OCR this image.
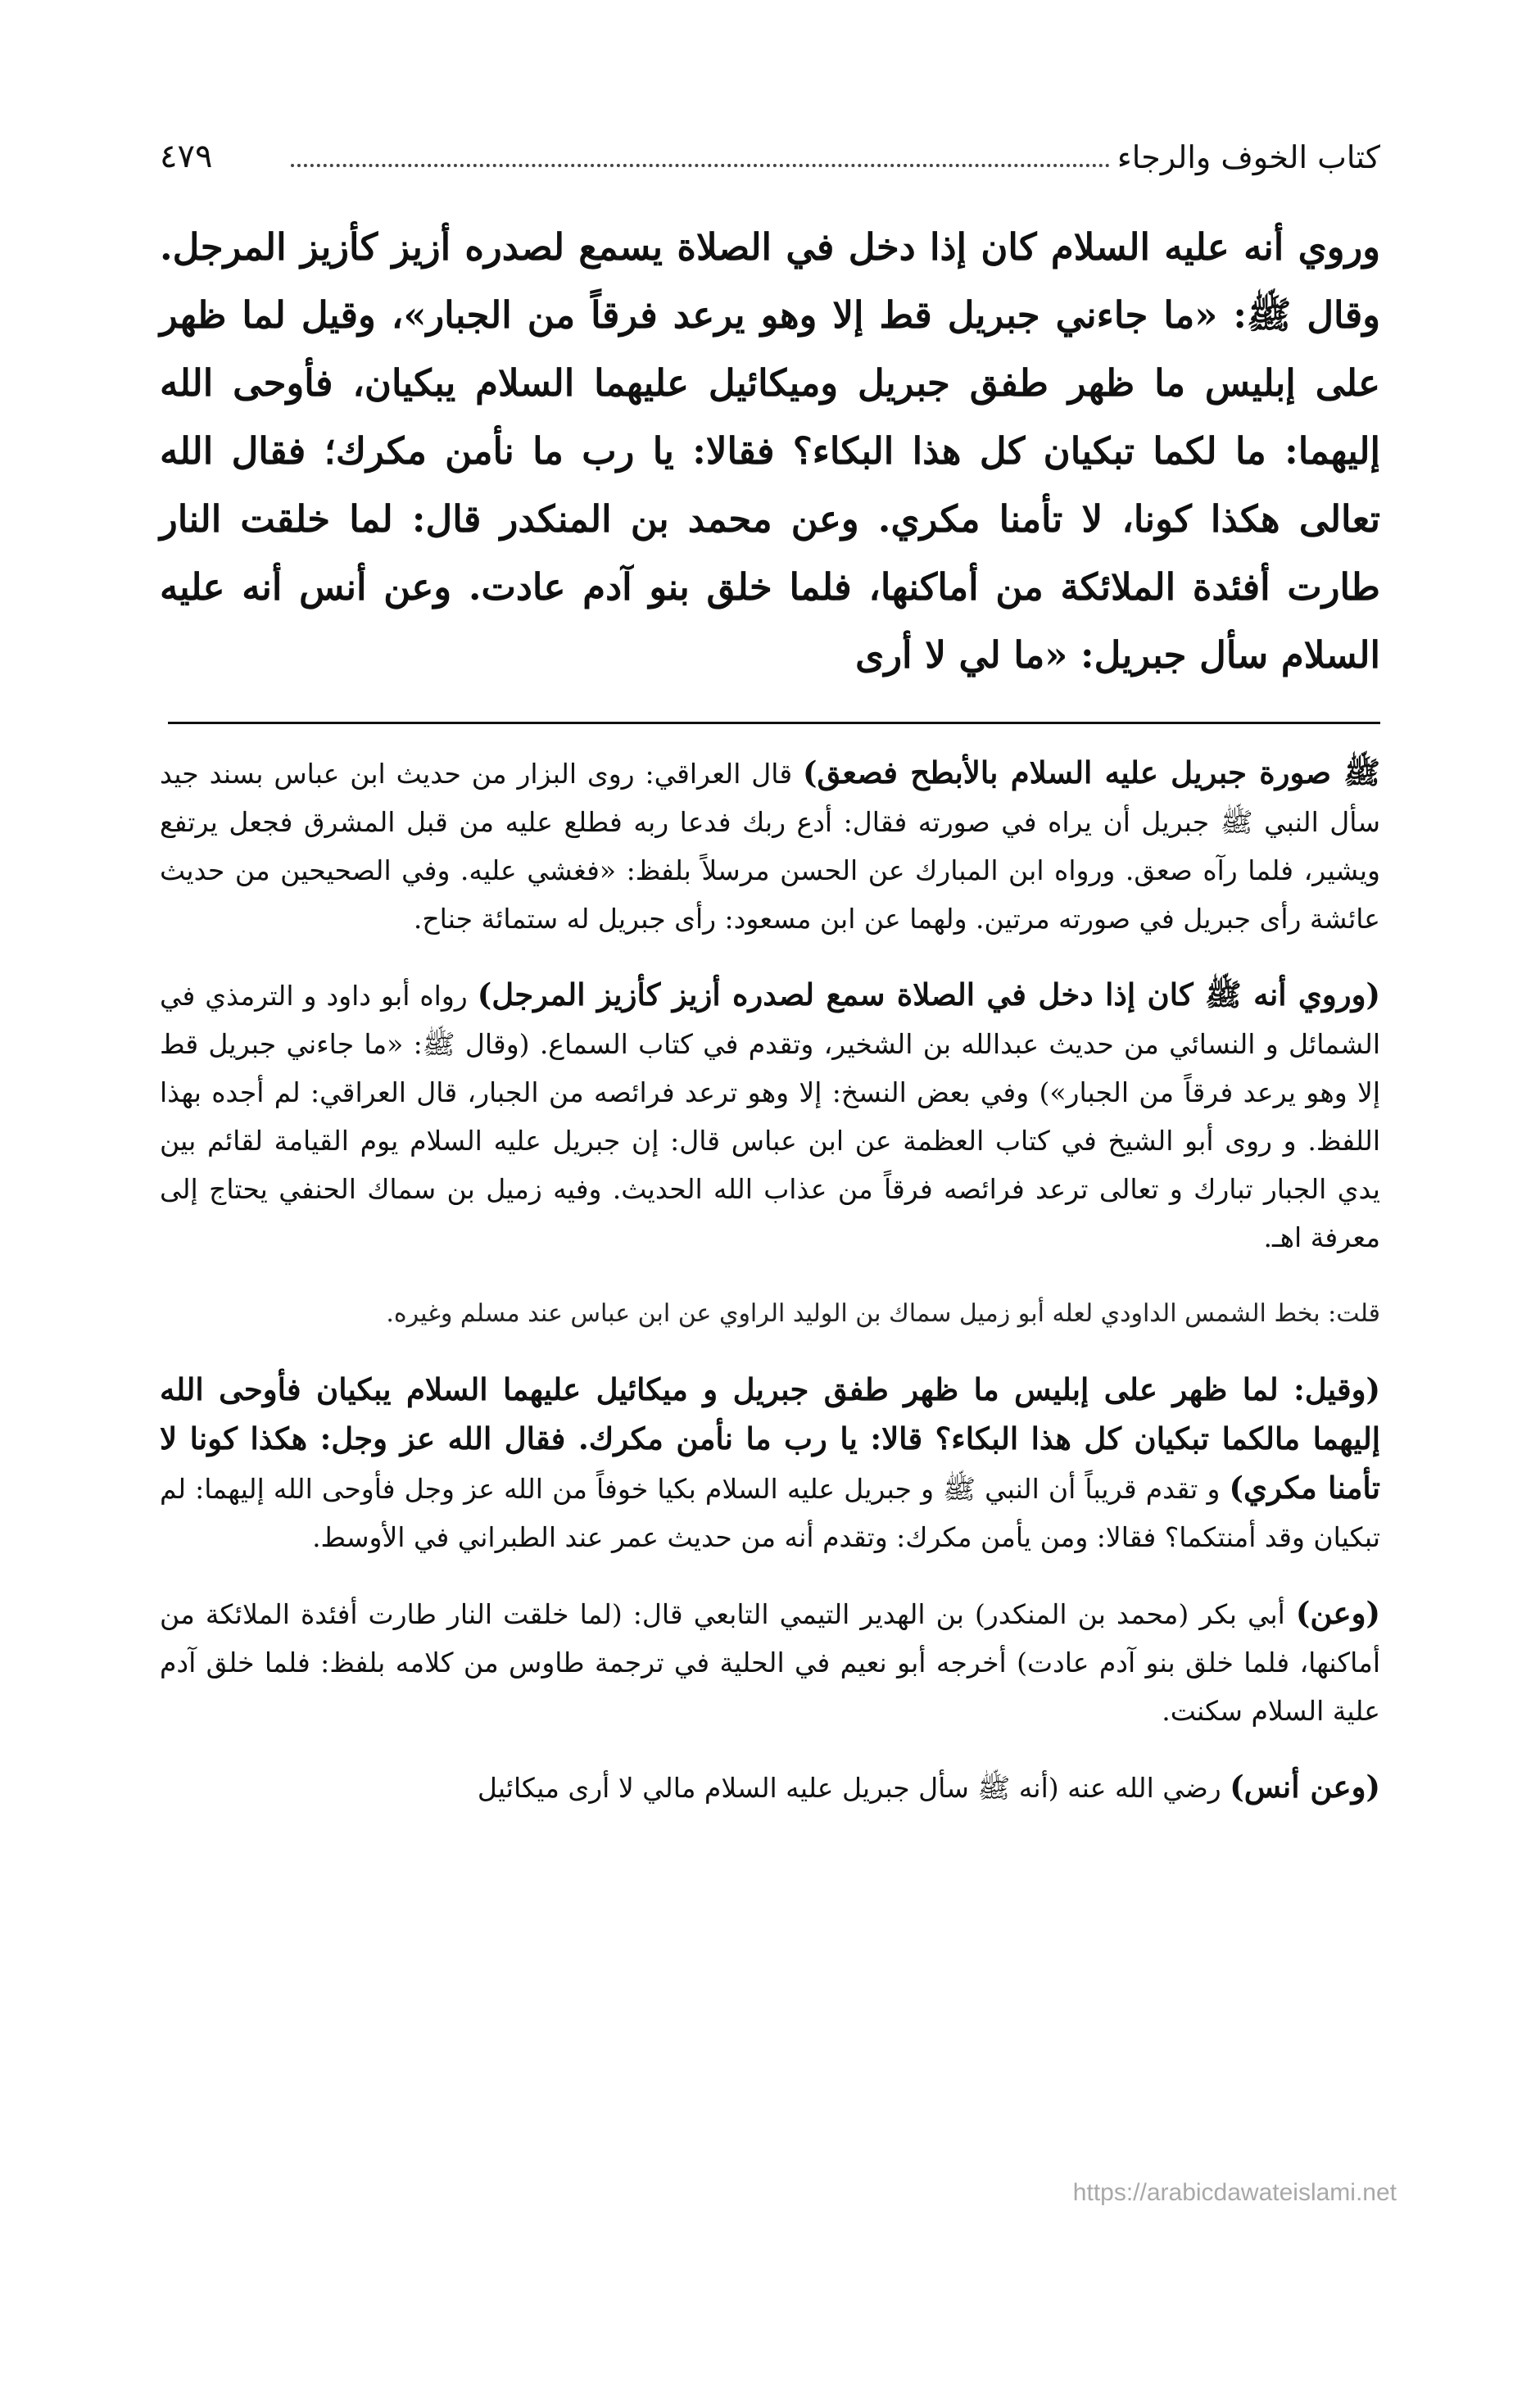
كتاب الخوف والرجاء
٤٧٩
وروي أنه عليه السلام كان إذا دخل في الصلاة يسمع لصدره أزيز كأزيز المرجل. وقال ﷺ: «ما جاءني جبريل قط إلا وهو يرعد فرقاً من الجبار»، وقيل لما ظهر على إبليس ما ظهر طفق جبريل وميكائيل عليهما السلام يبكيان، فأوحى الله إليهما: ما لكما تبكيان كل هذا البكاء؟ فقالا: يا رب ما نأمن مكرك؛ فقال الله تعالى هكذا كونا، لا تأمنا مكري. وعن محمد بن المنكدر قال: لما خلقت النار طارت أفئدة الملائكة من أماكنها، فلما خلق بنو آدم عادت. وعن أنس أنه عليه السلام سأل جبريل: «ما لي لا أرى
ﷺ صورة جبريل عليه السلام بالأبطح فصعق) قال العراقي: روى البزار من حديث ابن عباس بسند جيد سأل النبي ﷺ جبريل أن يراه في صورته فقال: أدع ربك فدعا ربه فطلع عليه من قبل المشرق فجعل يرتفع ويشير، فلما رآه صعق. ورواه ابن المبارك عن الحسن مرسلاً بلفظ: «فغشي عليه. وفي الصحيحين من حديث عائشة رأى جبريل في صورته مرتين. ولهما عن ابن مسعود: رأى جبريل له ستمائة جناح.
(وروي أنه ﷺ كان إذا دخل في الصلاة سمع لصدره أزيز كأزيز المرجل) رواه أبو داود و الترمذي في الشمائل و النسائي من حديث عبدالله بن الشخير، وتقدم في كتاب السماع. (وقال ﷺ: «ما جاءني جبريل قط إلا وهو يرعد فرقاً من الجبار») وفي بعض النسخ: إلا وهو ترعد فرائصه من الجبار، قال العراقي: لم أجده بهذا اللفظ. و روى أبو الشيخ في كتاب العظمة عن ابن عباس قال: إن جبريل عليه السلام يوم القيامة لقائم بين يدي الجبار تبارك و تعالى ترعد فرائصه فرقاً من عذاب الله الحديث. وفيه زميل بن سماك الحنفي يحتاج إلى معرفة اهـ.
قلت: بخط الشمس الداودي لعله أبو زميل سماك بن الوليد الراوي عن ابن عباس عند مسلم وغيره.
(وقيل: لما ظهر على إبليس ما ظهر طفق جبريل و ميكائيل عليهما السلام يبكيان فأوحى الله إليهما مالكما تبكيان كل هذا البكاء؟ قالا: يا رب ما نأمن مكرك. فقال الله عز وجل: هكذا كونا لا تأمنا مكري) و تقدم قريباً أن النبي ﷺ و جبريل عليه السلام بكيا خوفاً من الله عز وجل فأوحى الله إليهما: لم تبكيان وقد أمنتكما؟ فقالا: ومن يأمن مكرك: وتقدم أنه من حديث عمر عند الطبراني في الأوسط.
(وعن) أبي بكر (محمد بن المنكدر) بن الهدير التيمي التابعي قال: (لما خلقت النار طارت أفئدة الملائكة من أماكنها، فلما خلق بنو آدم عادت) أخرجه أبو نعيم في الحلية في ترجمة طاوس من كلامه بلفظ: فلما خلق آدم علية السلام سكنت.
(وعن أنس) رضي الله عنه (أنه ﷺ سأل جبريل عليه السلام مالي لا أرى ميكائيل
https://arabicdawateislami.net
